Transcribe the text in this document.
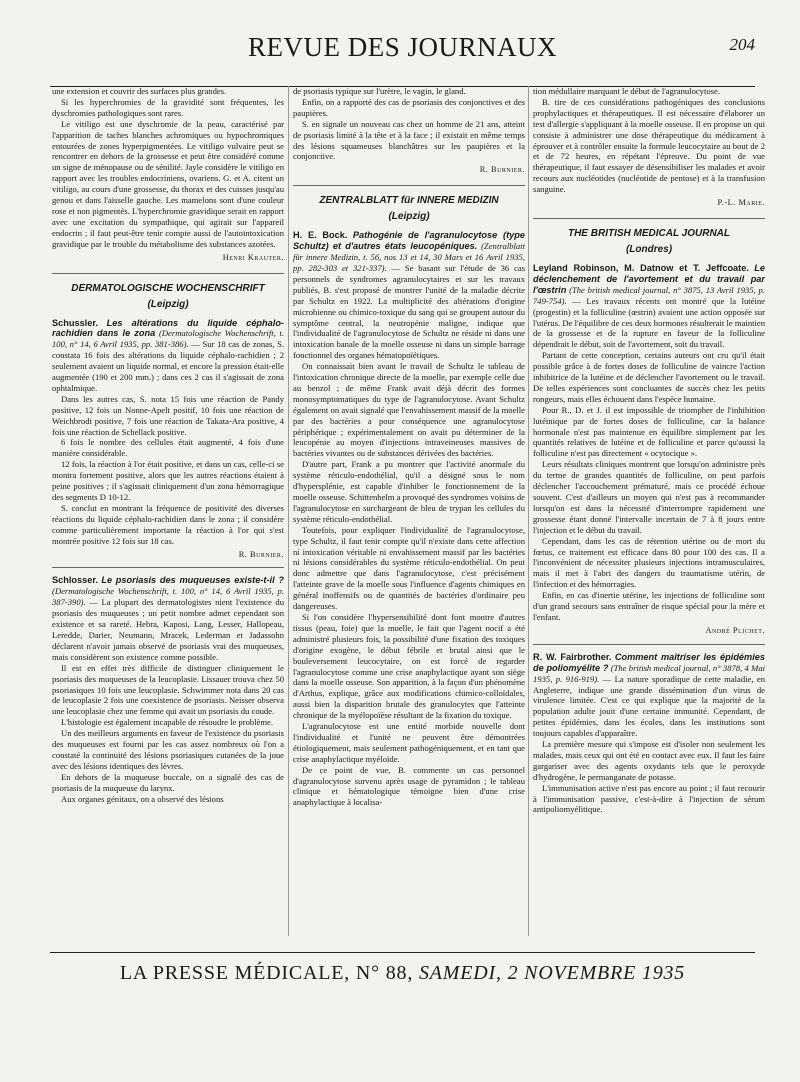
REVUE DES JOURNAUX	204

une extension et couvrir des surfaces plus grandes.

Si les hyperchromies de la gravidité sont fréquentes, les dyschromies pathologiques sont rares.

Le vitiligo est une dyschromie de la peau, caractérisé par l'apparition de taches blanches achromiques ou hypochromiques entourées de zones hyperpigmentées. Le vitiligo vulvaire peut se rencontrer en dehors de la grossesse et peut être considéré comme un signe de ménopause ou de sénilité. Jayle considère le vitiligo en rapport avec les troubles endocriniens, ovariens. G. et A. citent un vitiligo, au cours d'une grossesse, du thorax et des cuisses jusqu'au genou et dans l'aisselle gauche. Les mamelons sont d'une couleur rose et non pigmentés. L'hyperchromie gravidique serait en rapport avec une excitation du sympathique, qui agirait sur l'appareil endocrin ; il faut peut-être tenir compte aussi de l'autointoxication gravidique par le trouble du métabolisme des substances azotées.

Henri Krauter.
DERMATOLOGISCHE WOCHENSCHRIFT
(Leipzig)

Schussler. Les altérations du liquide céphalo-rachidien dans le zona (Dermatologische Wochenschrift, t. 100, n° 14, 6 Avril 1935, pp. 381-386). — Sur 18 cas de zonas, S. constata 16 fois des altérations du liquide céphalo-rachidien ; 2 seulement avaient un liquide normal, et encore la pression était-elle augmentée (190 et 200 mm.) ; dans ces 2 cas il s'agissait de zona ophtalmique.

Dans les autres cas, S. nota 15 fois une réaction de Pandy positive, 12 fois un Nonne-Apelt positif, 10 fois une réaction de Weichbrodt positive, 7 fois une réaction de Takata-Ara positive, 4 fois une réaction de Schellack positive.

6 fois le nombre des cellules était augmenté, 4 fois d'une manière considérable.

12 fois, la réaction à l'or était positive, et dans un cas, celle-ci se montra fortement positive, alors que les autres réactions étaient à peine positives ; il s'agissait cliniquement d'un zona hémorragique des segments D 10-12.

S. conclut en montrant la fréquence de positivité des diverses réactions du liquide céphalo-rachidien dans le zona ; il considère comme particulièrement importante la réaction à l'or qui s'est montrée positive 12 fois sur 18 cas.

R. Burnier.

Schlosser. Le psoriasis des muqueuses existe-t-il ? (Dermatologische Wochenschrift, t. 100, n° 14, 6 Avril 1935, p. 387-390). — La plupart des dermatologistes nient l'existence du psoriasis des muqueuses ; un petit nombre admet cependant son existence et sa rareté. Hebra, Kaposi, Lang, Lesser, Hallopeau, Leredde, Darier, Neumann, Mracek, Lederman et Jadassohn déclarent n'avoir jamais observé de psoriasis vrai des muqueuses, mais considèrent son existence comme possible.

Il est en effet très difficile de distinguer cliniquement le psoriasis des muqueuses de la leucoplasie. Lissauer trouva chez 50 psoriasiques 10 fois une leucoplasie. Schwimmer nota dans 20 cas de leucoplasie 2 fois une coexistence de psoriasis. Neisser observa une leucoplasie chez une femme qui avait un psoriasis du coude.

L'histologie est également incapable de résoudre le problème.

Un des meilleurs arguments en faveur de l'existence du psoriasis des muqueuses est fourni par les cas assez nombreux où l'on a constaté la continuité des lésions psoriasiques cutanées de la joue avec des lésions identiques des lèvres.

En dehors de la muqueuse buccale, on a signalé des cas de psoriasis de la muqueuse du larynx.

Aux organes génitaux, on a observé des lésions

de psoriasis typique sur l'urètre, le vagin, le gland.

Enfin, on a rapporté des cas de psoriasis des conjonctives et des paupières.

S. en signale un nouveau cas chez un homme de 21 ans, atteint de psoriasis limité à la tête et à la face ; il existait en même temps des lésions squameuses blanchâtres sur les paupières et la conjonctive.

R. Burnier.
ZENTRALBLATT für INNERE MEDIZIN
(Leipzig)

H. E. Bock. Pathogénie de l'agranulocytose (type Schultz) et d'autres états leucopéniques. (Zentralblatt für innere Medizin, t. 56, nos 13 et 14, 30 Mars et 16 Avril 1935, pp. 282-303 et 321-337). — Se basant sur l'étude de 36 cas personnels de syndromes agranulocytaires et sur les travaux publiés, B. s'est proposé de montrer l'unité de la maladie décrite par Schultz en 1922. La multiplicité des altérations d'origine microbienne ou chimico-toxique du sang qui se groupent autour du symptôme central, la neutropénie maligne, indique que l'individualité de l'agranulocytose de Schultz ne réside ni dans une intoxication banale de la moelle osseuse ni dans un simple barrage fonctionnel des organes hématopoïétiques.

On connaissait bien avant le travail de Schultz le tableau de l'intoxication chronique directe de la moelle, par exemple celle due au benzol ; de même Frank avait déjà décrit des formes monosymptomatiques du type de l'agranulocytose. Avant Schultz également on avait signalé que l'envahissement massif de la moelle par des bactéries a pour conséquence une agranulocytose périphérique ; expérimentalement on avait pu déterminer de la leucopénie au moyen d'injections intraveineuses massives de bactéries vivantes ou de substances dérivées des bactéries.

D'autre part, Frank a pu montrer que l'activité anormale du système réticulo-endothélial, qu'il a désigné sous le nom d'hypersplénie, est capable d'inhiber le fonctionnement de la moelle osseuse. Schittenhelm a provoqué des syndromes voisins de l'agranulocytose en surchargeant de bleu de trypan les cellules du système réticulo-endothélial.

Toutefois, pour expliquer l'individualité de l'agranulocytose, type Schultz, il faut tenir compte qu'il n'existe dans cette affection ni intoxication véritable ni envahissement massif par les bactéries ni lésions considérables du système réticulo-endothélial. On peut donc admettre que dans l'agranulocytose, c'est précisément l'atteinte grave de la moelle sous l'influence d'agents chimiques en général inoffensifs ou de quantités de bactéries d'ordinaire peu dangereuses.

Si l'on considère l'hypersensibilité dont font montre d'autres tissus (peau, foie) que la moelle, le fait que l'agent nocif a été administré plusieurs fois, la possibilité d'une fixation des toxiques d'origine exogène, le début fébrile et brutal ainsi que le bouleversement leucocytaire, on est forcé de regarder l'agranulocytose comme une crise anaphylactique ayant son siège dans la moelle osseuse. Son apparition, à la façon d'un phénomène d'Arthus, explique, grâce aux modifications chimico-colloïdales, aussi bien la disparition brutale des granulocytes que l'atteinte chronique de la myélopoïèse résultant de la fixation du toxique.

L'agranulocytose est une entité morbide nouvelle dont l'individualité et l'unité ne peuvent être démontrées étiologiquement, mais seulement pathogéniquement, et en tant que crise anaphylactique myéloïde.

De ce point de vue, B. commente un cas personnel d'agranulocytose survenu après usage de pyramidon ; le tableau clinique et hématologique témoigne bien d'une crise anaphylactique à localisa-

tion médullaire marquant le début de l'agranulocytose.

B. tire de ces considérations pathogéniques des conclusions prophylactiques et thérapeutiques. Il est nécessaire d'élaborer un test d'allergie s'appliquant à la moelle osseuse. Il en propose un qui consiste à administrer une dose thérapeutique du médicament à éprouver et à contrôler ensuite la formule leucocytaire au bout de 2 et de 72 heures, en répétant l'épreuve. Du point de vue thérapeutique, il faut essayer de désensibiliser les malades et avoir recours aux nucléotides (nucléotide de pentose) et à la transfusion sanguine.

P.-L. Marie.
THE BRITISH MEDICAL JOURNAL
(Londres)

Leyland Robinson, M. Datnow et T. Jeffcoate. Le déclenchement de l'avortement et du travail par l'œstrin (The british medical journal, n° 3875, 13 Avril 1935, p. 749-754). — Les travaux récents ont montré que la lutéine (progestin) et la folliculine (œstrin) avaient une action opposée sur l'utérus. De l'équilibre de ces deux hormones résulterait le maintien de la grossesse et de la rupture en faveur de la folliculine dépendrait le début, soit de l'avortement, soit du travail.

Partant de cette conception, certains auteurs ont cru qu'il était possible grâce à de fortes doses de folliculine de vaincre l'action inhibitrice de la lutéine et de déclencher l'avortement ou le travail. De telles expériences sont concluantes de succès chez les petits rongeurs, mais elles échouent dans l'espèce humaine.

Pour R., D. et J. il est impossible de triompher de l'inhibition lutéinique par de fortes doses de folliculine, car la balance hormonale n'est pas maintenue en équilibre simplement par les quantités relatives de lutéine et de folliculine et parce qu'aussi la folliculine n'est pas directement « ocytocique ».

Leurs résultats cliniques montrent que lorsqu'on administre près du terme de grandes quantités de folliculine, on peut parfois déclencher l'accouchement prématuré, mais ce procédé échoue souvent. C'est d'ailleurs un moyen qui n'est pas à recommander lorsqu'on est dans la nécessité d'interrompre rapidement une grossesse étant donné l'intervalle incertain de 7 à 8 jours entre l'injection et le début du travail.

Cependant, dans les cas de rétention utérine ou de mort du fœtus, ce traitement est efficace dans 80 pour 100 des cas. Il a l'inconvénient de nécessiter plusieurs injections intramusculaires, mais il met à l'abri des dangers du traumatisme utérin, de l'infection et des hémorragies.

Enfin, en cas d'inertie utérine, les injections de folliculine sont d'un grand secours sans entraîner de risque spécial pour la mère et l'enfant.

André Plichet.

R. W. Fairbrother. Comment maîtriser les épidémies de poliomyélite ? (The british medical journal, n° 3878, 4 Mai 1935, p. 916-919). — La nature sporadique de cette maladie, en Angleterre, indique une grande dissémination d'un virus de virulence limitée. C'est ce qui explique que la majorité de la population adulte jouit d'une certaine immunité. Cependant, de petites épidémies, dans les écoles, dans les institutions sont toujours capables d'apparaître.

La première mesure qui s'impose est d'isoler non seulement les malades, mais ceux qui ont été en contact avec eux. Il faut les faire gargariser avec des agents oxydants tels que le peroxyde d'hydrogène, le permanganate de potasse.

L'immunisation active n'est pas encore au point ; il faut recourir à l'immunisation passive, c'est-à-dire à l'injection de sérum antipoliomyélitique.

LA PRESSE MÉDICALE, N° 88, SAMEDI, 2 NOVEMBRE 1935
